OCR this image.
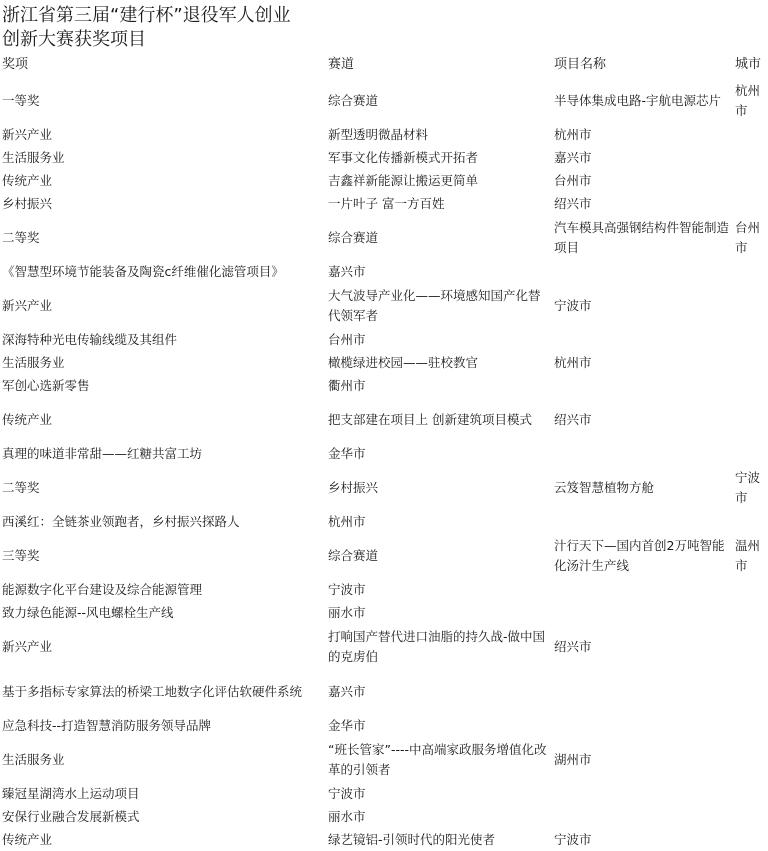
浙江省第三届“建行杯”退役军人创业
创新大赛获奖项目
奖项	赛道	项目名称	城市
一等奖	综合赛道	半导体集成电路-宇航电源芯片	杭州市
新兴产业	新型透明微晶材料	杭州市	
生活服务业	军事文化传播新模式开拓者	嘉兴市	
传统产业	吉鑫祥新能源让搬运更简单	台州市	
乡村振兴	一片叶子 富一方百姓	绍兴市	
二等奖	综合赛道	汽车模具高强钢结构件智能制造项目	台州市
《智慧型环境节能装备及陶瓷c纤维催化滤管项目》	嘉兴市		
新兴产业	大气波导产业化——环境感知国产化替代领军者	宁波市	
深海特种光电传输线缆及其组件	台州市		
生活服务业	橄榄绿进校园——驻校教官	杭州市	
军创心选新零售	衢州市		
传统产业	把支部建在项目上 创新建筑项目模式	绍兴市	
真理的味道非常甜——红糖共富工坊	金华市		
二等奖	乡村振兴	云笈智慧植物方舱	宁波市
西溪红：全链茶业领跑者，乡村振兴探路人	杭州市		
三等奖	综合赛道	汁行天下—国内首创2万吨智能化汤汁生产线	温州市
能源数字化平台建设及综合能源管理	宁波市		
致力绿色能源--风电螺栓生产线	丽水市		
新兴产业	打响国产替代进口油脂的持久战-做中国的克虏伯	绍兴市	
基于多指标专家算法的桥梁工地数字化评估软硬件系统	嘉兴市		
应急科技--打造智慧消防服务领导品牌	金华市		
生活服务业	“班长管家”----中高端家政服务增值化改革的引领者	湖州市	
臻冠星湖湾水上运动项目	宁波市		
安保行业融合发展新模式	丽水市		
传统产业	绿艺镜铝-引领时代的阳光使者	宁波市	
